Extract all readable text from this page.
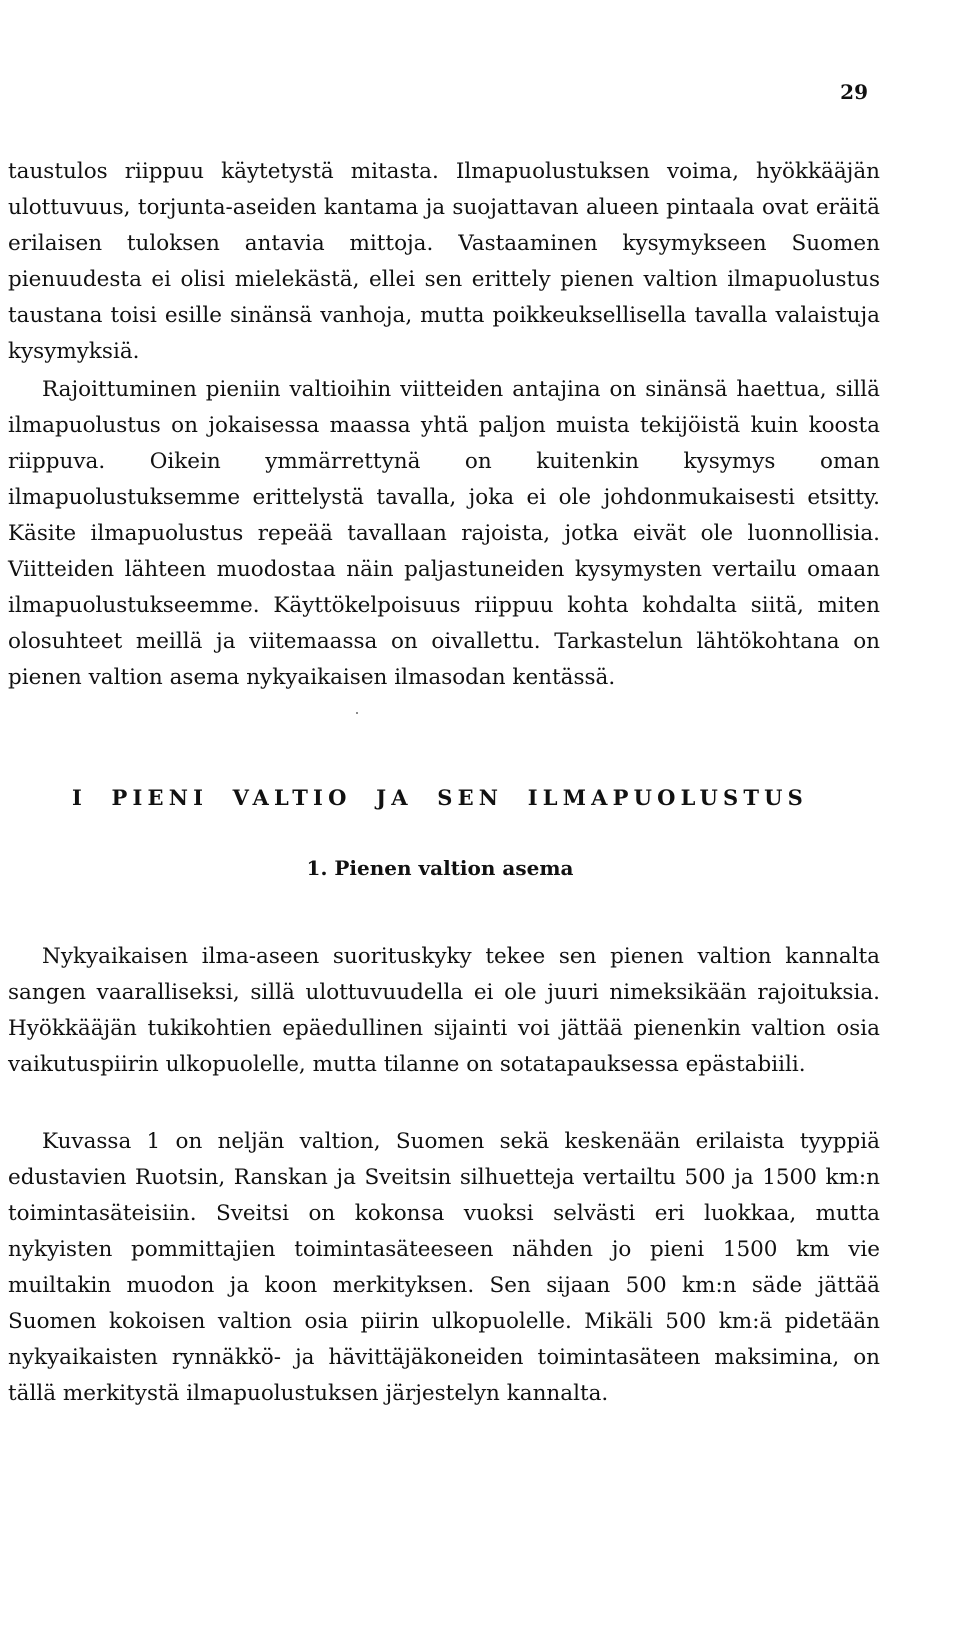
29

taustulos riippuu käytetystä mitasta. Ilmapuolustuksen voima, hyökkääjän ulottuvuus, torjunta-aseiden kantama ja suojattavan alueen pintaala ovat eräitä erilaisen tuloksen antavia mittoja. Vastaaminen kysymykseen Suomen pienuudesta ei olisi mielekästä, ellei sen erittely pienen valtion ilmapuolustus taustana toisi esille sinänsä vanhoja, mutta poikkeuksellisella tavalla valaistuja kysymyksiä.

Rajoittuminen pieniin valtioihin viitteiden antajina on sinänsä haettua, sillä ilmapuolustus on jokaisessa maassa yhtä paljon muista tekijöistä kuin koosta riippuva. Oikein ymmärrettynä on kuitenkin kysymys oman ilmapuolustuksemme erittelystä tavalla, joka ei ole johdonmukaisesti etsitty. Käsite ilmapuolustus repeää tavallaan rajoista, jotka eivät ole luonnollisia. Viitteiden lähteen muodostaa näin paljastuneiden kysymysten vertailu omaan ilmapuolustukseemme. Käyttökelpoisuus riippuu kohta kohdalta siitä, miten olosuhteet meillä ja viitemaassa on oivallettu. Tarkastelun lähtökohtana on pienen valtion asema nykyaikaisen ilmasodan kentässä.

I PIENI VALTIO JA SEN ILMAPUOLUSTUS
1. Pienen valtion asema

Nykyaikaisen ilma-aseen suorituskyky tekee sen pienen valtion kannalta sangen vaaralliseksi, sillä ulottuvuudella ei ole juuri nimeksikään rajoituksia. Hyökkääjän tukikohtien epäedullinen sijainti voi jättää pienenkin valtion osia vaikutuspiirin ulkopuolelle, mutta tilanne on sotatapauksessa epästabiili.

Kuvassa 1 on neljän valtion, Suomen sekä keskenään erilaista tyyppiä edustavien Ruotsin, Ranskan ja Sveitsin silhuetteja vertailtu 500 ja 1500 km:n toimintasäteisiin. Sveitsi on kokonsa vuoksi selvästi eri luokkaa, mutta nykyisten pommittajien toimintasäteeseen nähden jo pieni 1500 km vie muiltakin muodon ja koon merkityksen. Sen sijaan 500 km:n säde jättää Suomen kokoisen valtion osia piirin ulkopuolelle. Mikäli 500 km:ä pidetään nykyaikaisten rynnäkkö- ja hävittäjäkoneiden toimintasäteen maksimina, on tällä merkitystä ilmapuolustuksen järjestelyn kannalta.
